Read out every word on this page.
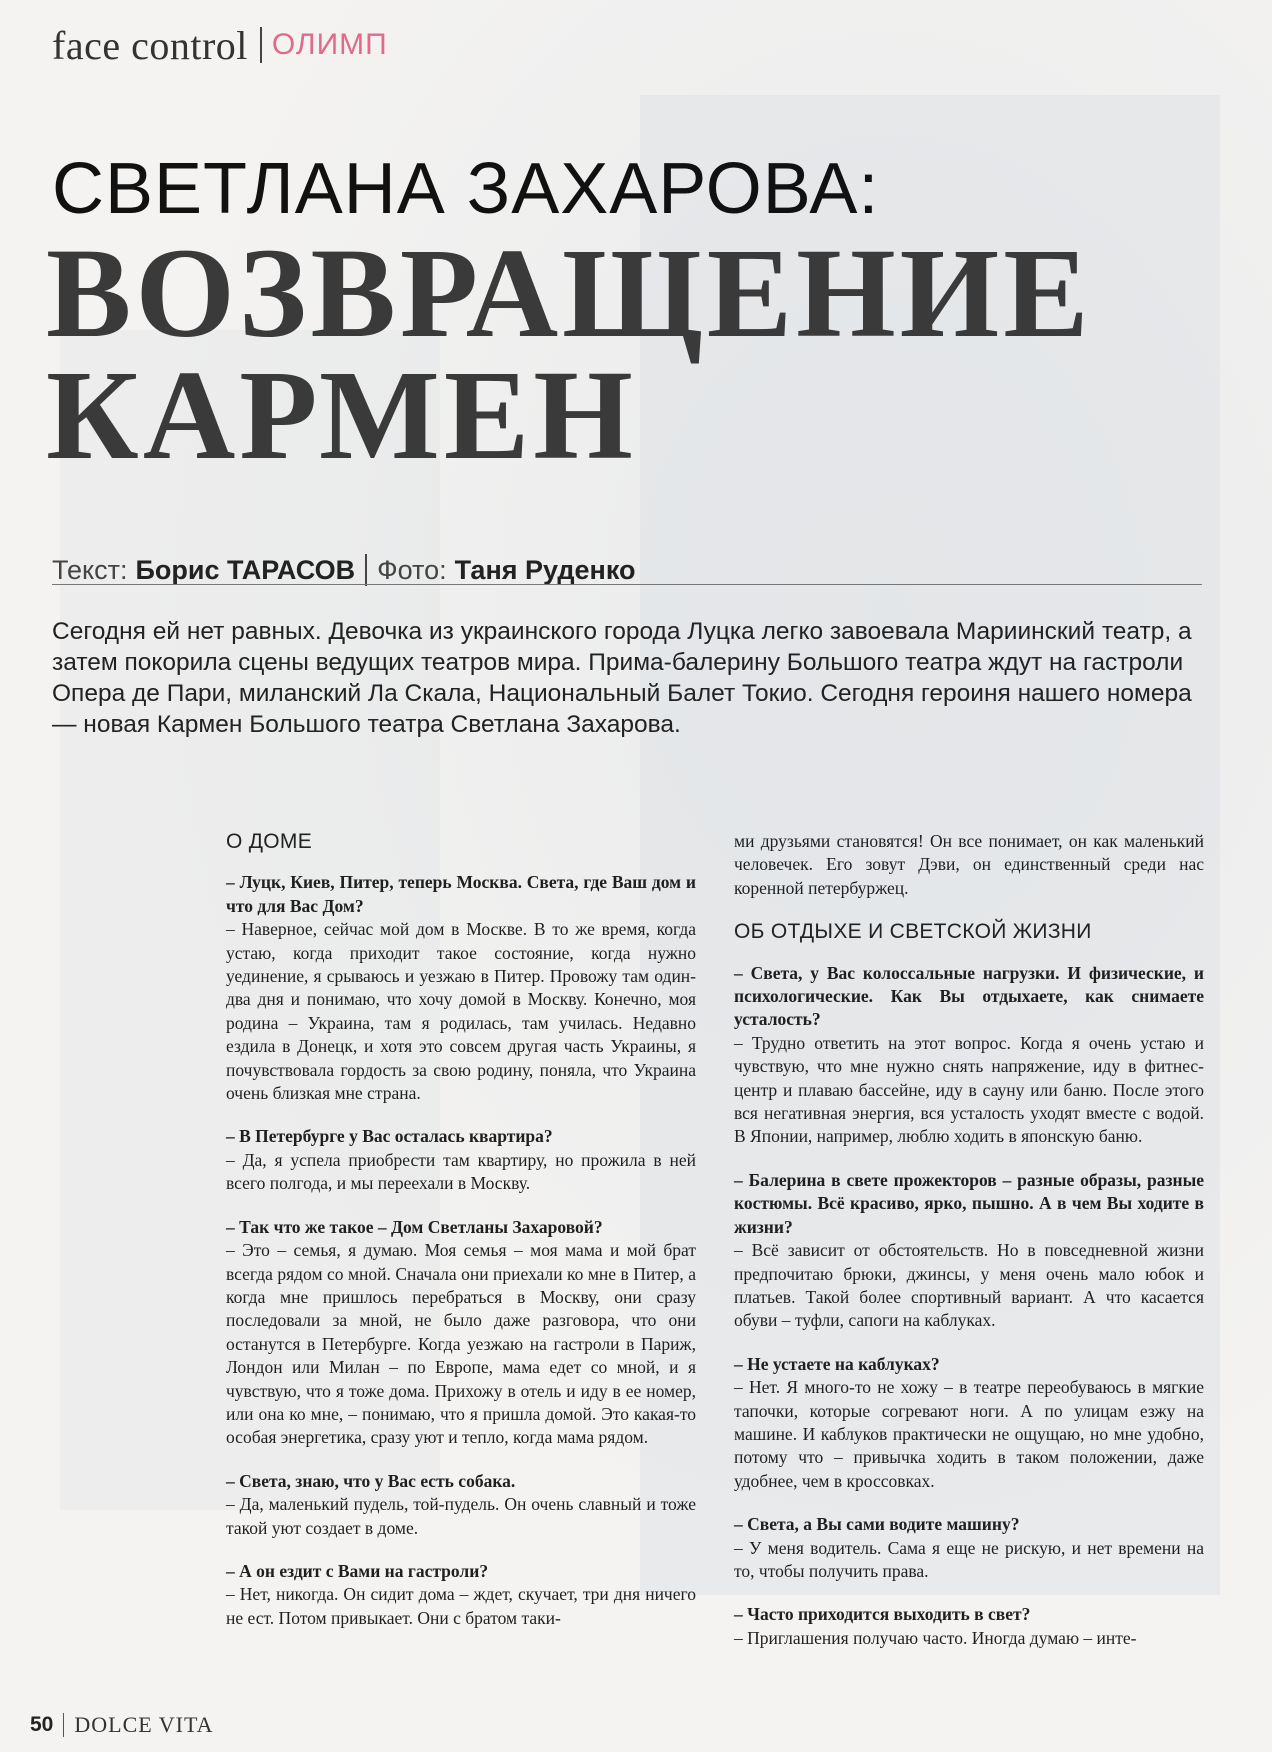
face control ОЛИМП
СВЕТЛАНА ЗАХАРОВА:
ВОЗВРАЩЕНИЕ
КАРМЕН
Текст: Борис ТАРАСОВ Фото: Таня Руденко
Сегодня ей нет равных. Девочка из украинского города Луцка легко завоевала Мариинский театр, а затем покорила сцены ведущих театров мира. Прима-балерину Большого театра ждут на гастроли Опера де Пари, миланский Ла Скала, Национальный Балет Токио. Сегодня героиня нашего номера — новая Кармен Большого театра Светлана Захарова.
О ДОМЕ

– Луцк, Киев, Питер, теперь Москва. Света, где Ваш дом и что для Вас Дом?

– Наверное, сейчас мой дом в Москве. В то же время, когда устаю, когда приходит такое состояние, когда нужно уединение, я срываюсь и уезжаю в Питер. Провожу там один-два дня и понимаю, что хочу домой в Москву. Конечно, моя родина – Украина, там я родилась, там училась. Недавно ездила в Донецк, и хотя это совсем другая часть Украины, я почувствовала гордость за свою родину, поняла, что Украина очень близкая мне страна.

– В Петербурге у Вас осталась квартира?

– Да, я успела приобрести там квартиру, но прожила в ней всего полгода, и мы переехали в Москву.

– Так что же такое – Дом Светланы Захаровой?

– Это – семья, я думаю. Моя семья – моя мама и мой брат всегда рядом со мной. Сначала они приехали ко мне в Питер, а когда мне пришлось перебраться в Москву, они сразу последовали за мной, не было даже разговора, что они останутся в Петербурге. Когда уезжаю на гастроли в Париж, Лондон или Милан – по Европе, мама едет со мной, и я чувствую, что я тоже дома. Прихожу в отель и иду в ее номер, или она ко мне, – понимаю, что я пришла домой. Это какая-то особая энергетика, сразу уют и тепло, когда мама рядом.

– Света, знаю, что у Вас есть собака.

– Да, маленький пудель, той-пудель. Он очень славный и тоже такой уют создает в доме.

– А он ездит с Вами на гастроли?

– Нет, никогда. Он сидит дома – ждет, скучает, три дня ничего не ест. Потом привыкает. Они с братом таки-

ми друзьями становятся! Он все понимает, он как маленький человечек. Его зовут Дэви, он единственный среди нас коренной петербуржец.

ОБ ОТДЫХЕ И СВЕТСКОЙ ЖИЗНИ

– Света, у Вас колоссальные нагрузки. И физические, и психологические. Как Вы отдыхаете, как снимаете усталость?

– Трудно ответить на этот вопрос. Когда я очень устаю и чувствую, что мне нужно снять напряжение, иду в фитнес-центр и плаваю бассейне, иду в сауну или баню. После этого вся негативная энергия, вся усталость уходят вместе с водой. В Японии, например, люблю ходить в японскую баню.

– Балерина в свете прожекторов – разные образы, разные костюмы. Всё красиво, ярко, пышно. А в чем Вы ходите в жизни?

– Всё зависит от обстоятельств. Но в повседневной жизни предпочитаю брюки, джинсы, у меня очень мало юбок и платьев. Такой более спортивный вариант. А что касается обуви – туфли, сапоги на каблуках.

– Не устаете на каблуках?

– Нет. Я много-то не хожу – в театре переобуваюсь в мягкие тапочки, которые согревают ноги. А по улицам езжу на машине. И каблуков практически не ощущаю, но мне удобно, потому что – привычка ходить в таком положении, даже удобнее, чем в кроссовках.

– Света, а Вы сами водите машину?

– У меня водитель. Сама я еще не рискую, и нет времени на то, чтобы получить права.

– Часто приходится выходить в свет?

– Приглашения получаю часто. Иногда думаю – инте-

50 DOLCE VITA
